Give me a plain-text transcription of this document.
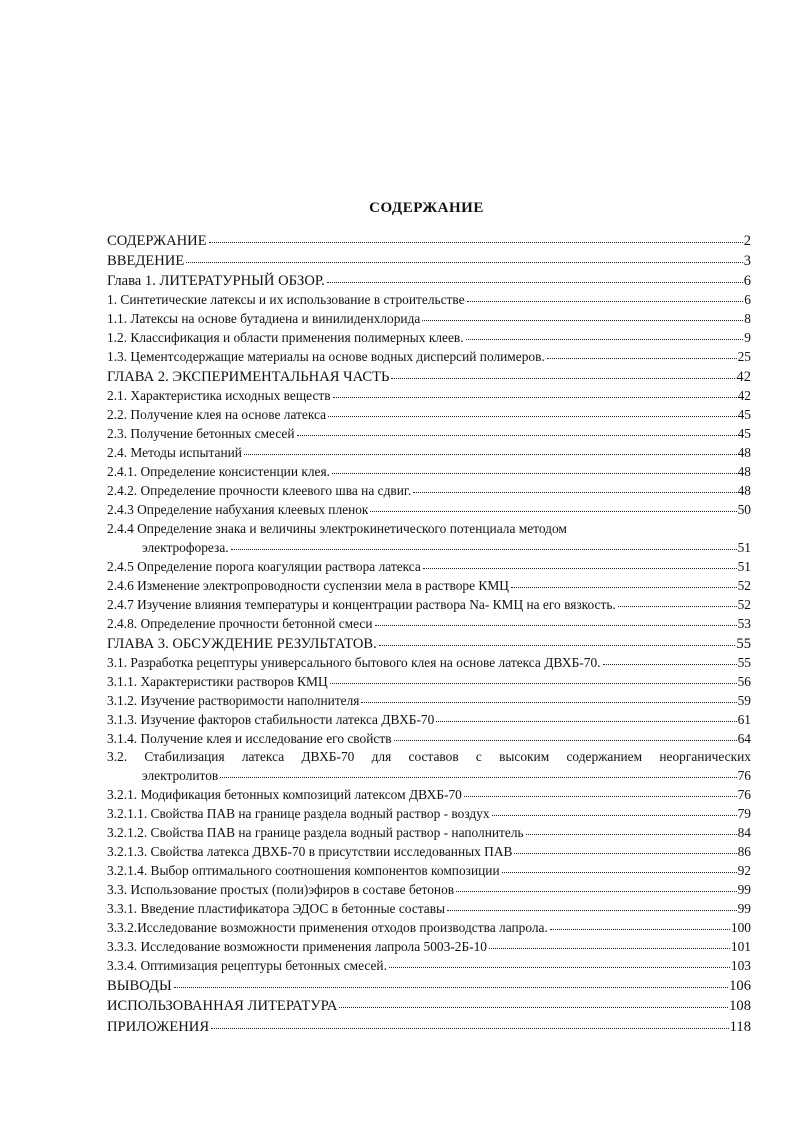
СОДЕРЖАНИЕ
СОДЕРЖАНИЕ	2
ВВЕДЕНИЕ	3
Глава 1. ЛИТЕРАТУРНЫЙ ОБЗОР.	6
1. Синтетические латексы и их использование в строительстве	6
1.1. Латексы на основе бутадиена и винилиденхлорида	8
1.2. Классификация и области применения полимерных клеев.	9
1.3. Цементсодержащие материалы на основе водных дисперсий полимеров.	25
ГЛАВА 2. ЭКСПЕРИМЕНТАЛЬНАЯ ЧАСТЬ	42
2.1. Характеристика исходных веществ	42
2.2. Получение клея на основе латекса	45
2.3. Получение бетонных смесей	45
2.4. Методы испытаний	48
2.4.1. Определение консистенции клея.	48
2.4.2. Определение прочности клеевого шва на сдвиг.	48
2.4.3 Определение набухания клеевых пленок	50
2.4.4 Определение знака и величины электрокинетического потенциала методом
электрофореза.	51
2.4.5 Определение порога коагуляции раствора латекса	51
2.4.6 Изменение электропроводности суспензии мела в растворе КМЦ	52
2.4.7 Изучение влияния температуры и концентрации раствора Na- КМЦ на его вязкость.	52
2.4.8. Определение прочности бетонной смеси	53
ГЛАВА 3. ОБСУЖДЕНИЕ РЕЗУЛЬТАТОВ.	55
3.1. Разработка рецептуры универсального бытового клея на основе латекса ДВХБ-70.	55
3.1.1. Характеристики растворов КМЦ	56
3.1.2. Изучение растворимости наполнителя	59
3.1.3. Изучение факторов стабильности латекса ДВХБ-70	61
3.1.4. Получение клея и исследование его свойств	64
3.2. Стабилизация латекса ДВХБ-70 для составов с высоким содержанием неорганических
электролитов	76
3.2.1. Модификация бетонных композиций латексом ДВХБ-70	76
3.2.1.1. Свойства ПАВ на границе раздела водный раствор - воздух	79
3.2.1.2. Свойства ПАВ на границе раздела водный раствор - наполнитель	84
3.2.1.3. Свойства латекса ДВХБ-70 в присутствии исследованных ПАВ	86
3.2.1.4. Выбор оптимального соотношения компонентов композиции	92
3.3. Использование простых (поли)эфиров в составе бетонов	99
3.3.1. Введение пластификатора ЭДОС в бетонные составы	99
3.3.2.Исследование возможности применения отходов производства лапрола.	100
3.3.3. Исследование возможности применения лапрола 5003-2Б-10	101
3.3.4. Оптимизация рецептуры бетонных смесей.	103
ВЫВОДЫ	106
ИСПОЛЬЗОВАННАЯ ЛИТЕРАТУРА	108
ПРИЛОЖЕНИЯ	118
